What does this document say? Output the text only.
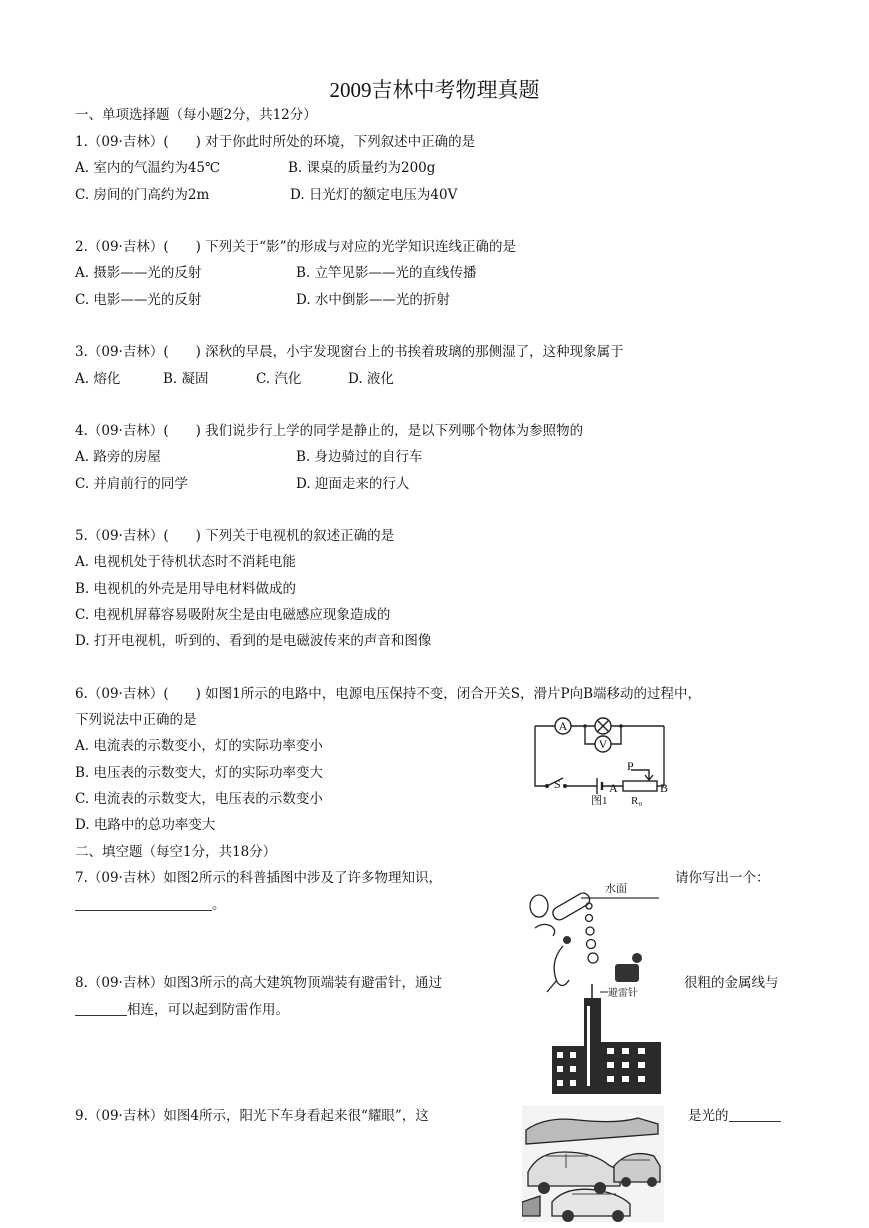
2009吉林中考物理真题
一、单项选择题（每小题2分，共12分）
1.（09·吉林）(　　) 对于你此时所处的环境，下列叙述中正确的是
A. 室内的气温约为45℃	B. 课桌的质量约为200g
C. 房间的门高约为2m	D. 日光灯的额定电压为40V
2.（09·吉林）(　　) 下列关于“影”的形成与对应的光学知识连线正确的是
A. 摄影——光的反射	B. 立竿见影——光的直线传播
C. 电影——光的反射	D. 水中倒影——光的折射
3.（09·吉林）(　　) 深秋的早晨，小宇发现窗台上的书挨着玻璃的那侧湿了，这种现象属于
A. 熔化	B. 凝固	C. 汽化	D. 液化
4.（09·吉林）(　　) 我们说步行上学的同学是静止的，是以下列哪个物体为参照物的
A. 路旁的房屋	B. 身边骑过的自行车
C. 并肩前行的同学	D. 迎面走来的行人
5.（09·吉林）(　　) 下列关于电视机的叙述正确的是
A. 电视机处于待机状态时不消耗电能
B. 电视机的外壳是用导电材料做成的
C. 电视机屏幕容易吸附灰尘是由电磁感应现象造成的
D. 打开电视机，听到的、看到的是电磁波传来的声音和图像
6.（09·吉林）(　　) 如图1所示的电路中，电源电压保持不变，闭合开关S，滑片P向B端移动的过程中，
下列说法中正确的是
A. 电流表的示数变小，灯的实际功率变小
B. 电压表的示数变大，灯的实际功率变大
C. 电流表的示数变大，电压表的示数变小
D. 电路中的总功率变大
A
V
S
P
A	B
R₀
图1
二、填空题（每空1分，共18分）
7.（09·吉林）如图2所示的科普插图中涉及了许多物理知识，	请你写出一个：
。
水面
8.（09·吉林）如图3所示的高大建筑物顶端装有避雷针，通过	很粗的金属线与
相连，可以起到防雷作用。
避雷针
9.（09·吉林）如图4所示，阳光下车身看起来很“耀眼”，这	是光的
